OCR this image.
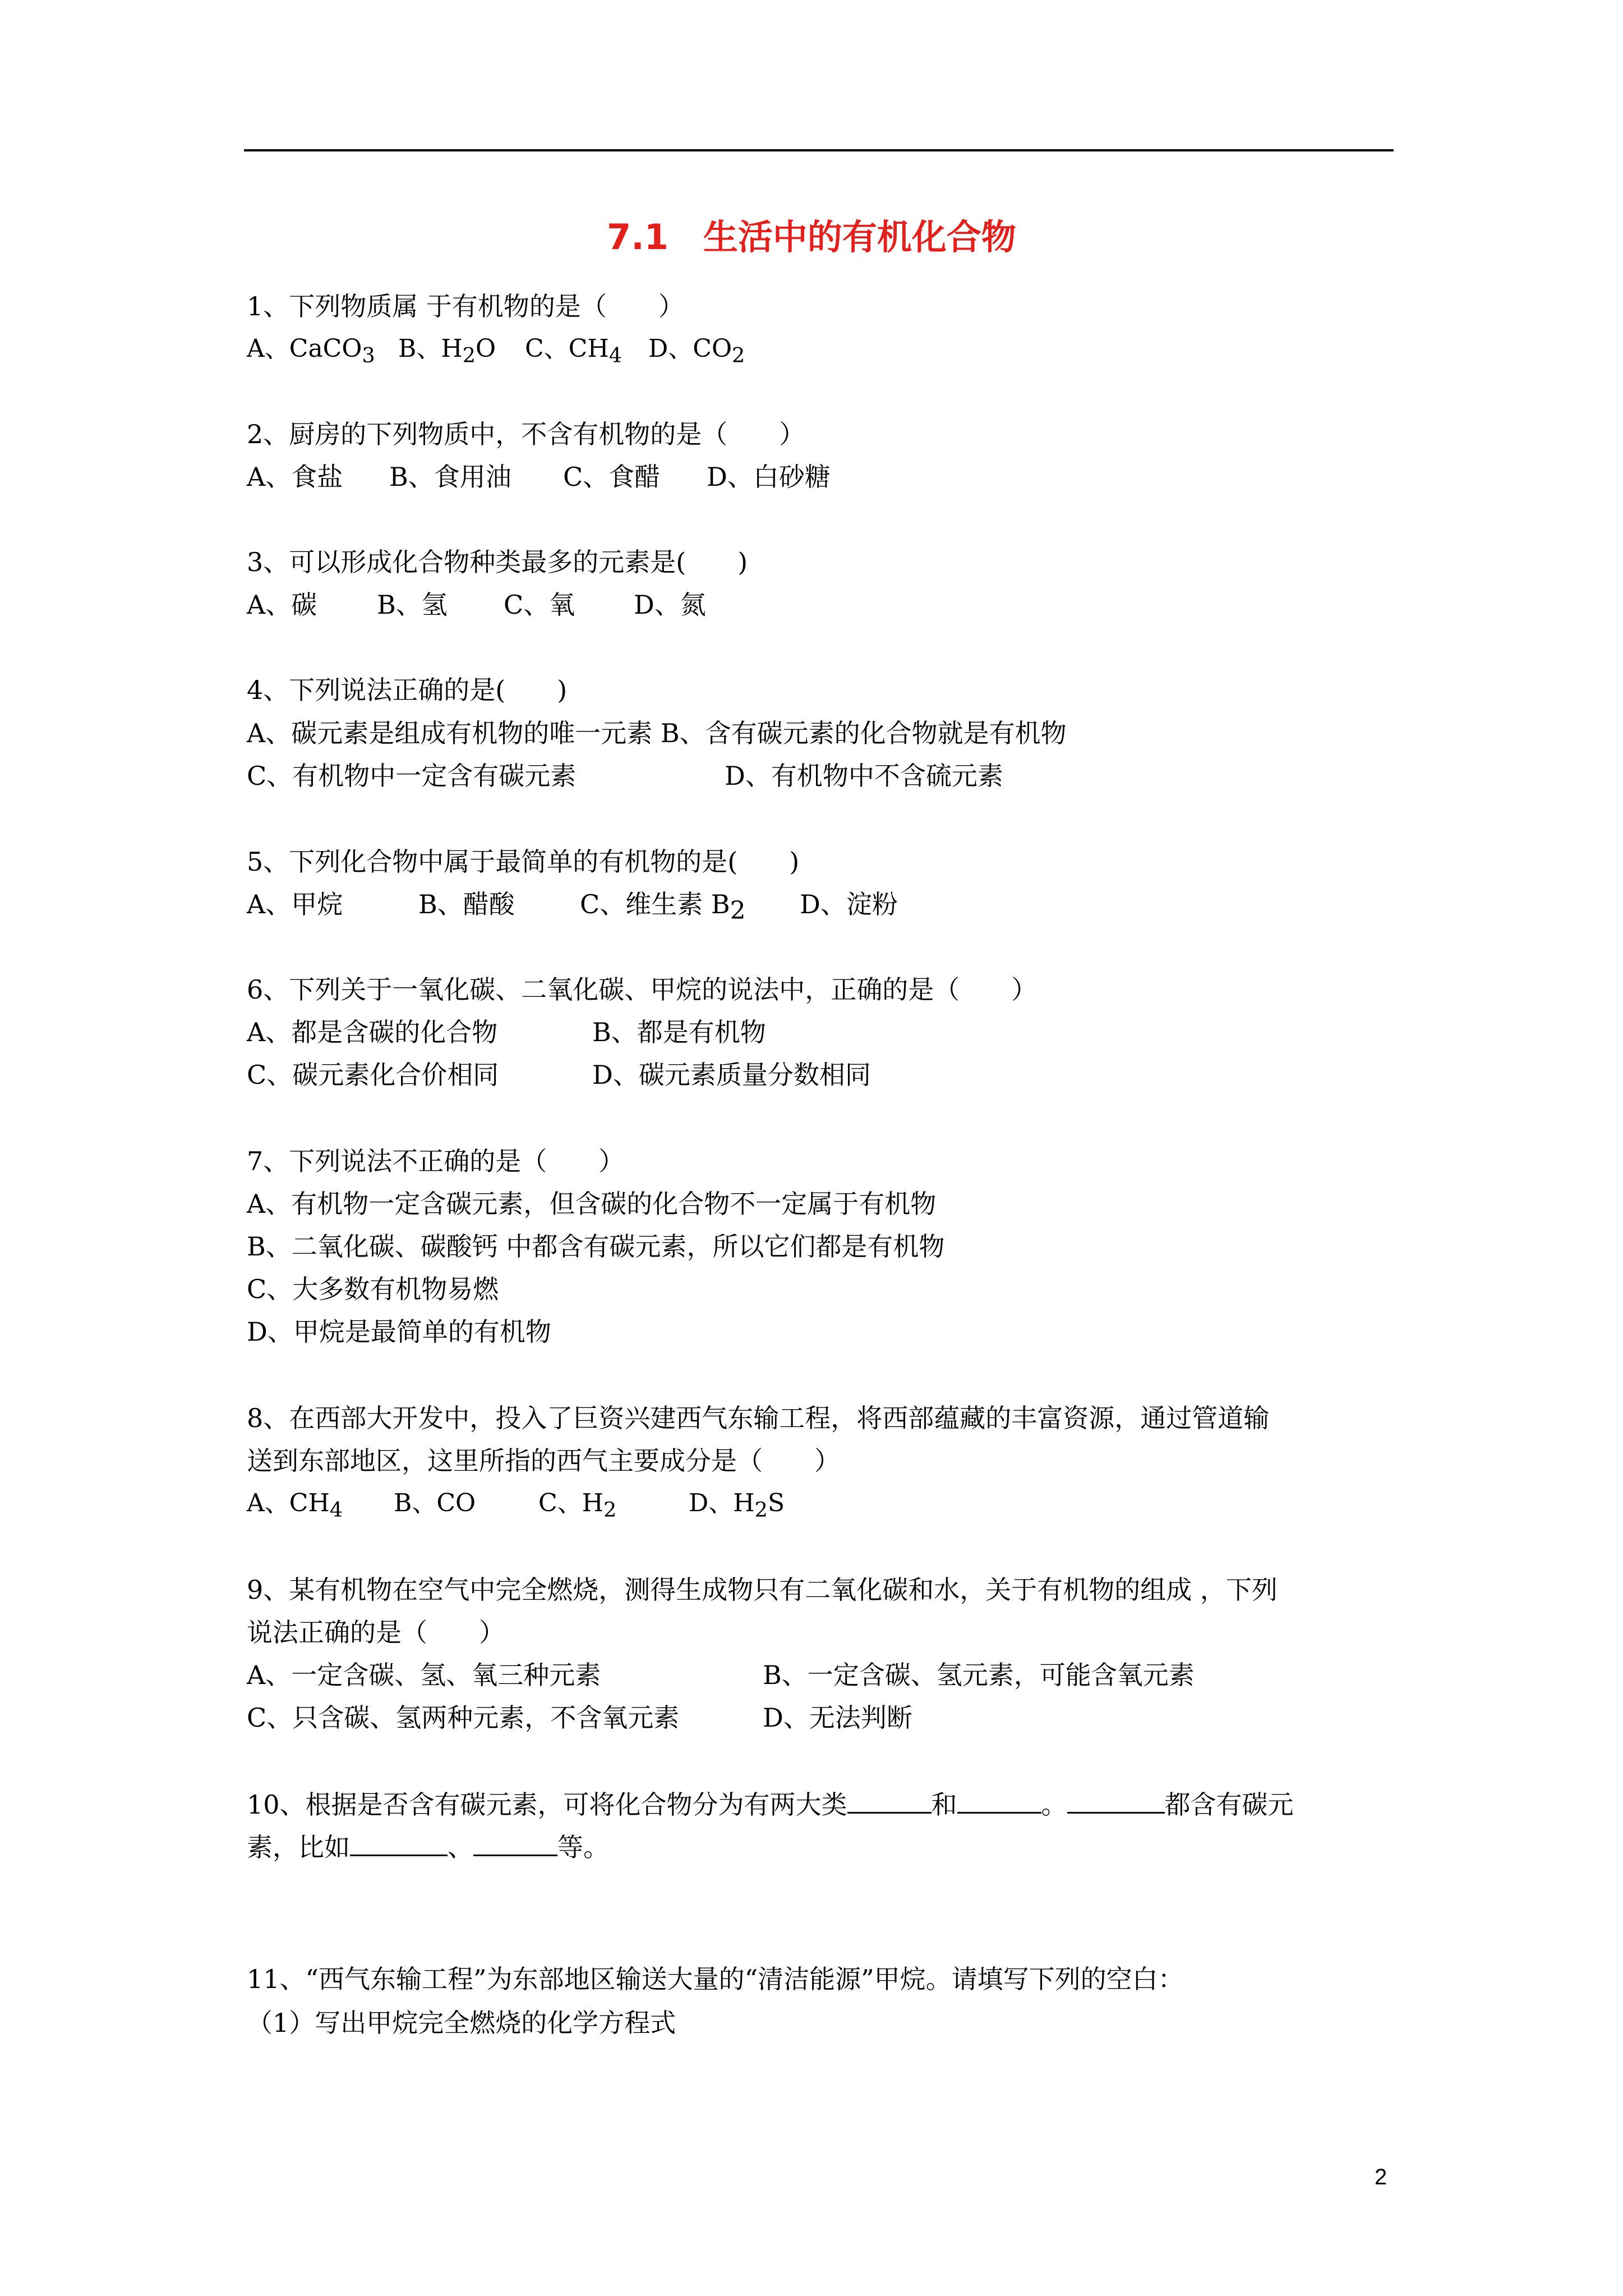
7.1　生活中的有机化合物
1、下列物质属 于有机物的是（　　）
A、CaCO$_3$ B、$H_2O$ C、$CH_4$ D、$CO_2$
2、厨房的下列物质中，不含有机物的是（　　）
A、食盐 B、食用油 C、食醋 D、白砂糖
3、可以形成化合物种类最多的元素是(　　)
A、碳 B、氢 C、氧 D、氮
4、下列说法正确的是(　　)
A、碳元素是组成有机物的唯一元素 B、含有碳元素的化合物就是有机物
C、有机物中一定含有碳元素	D、有机物中不含硫元素
5、下列化合物中属于最简单的有机物的是(　　)
A、甲烷	B、醋酸	C、维生素 $B_2$ D、淀粉
6、下列关于一氧化碳、二氧化碳、甲烷的说法中，正确的是（　　）
A、都是含碳的化合物	B、都是有机物
C、碳元素化合价相同	D、碳元素质量分数相同
7、下列说法不正确的是（　　）
A、有机物一定含碳元素，但含碳的化合物不一定属于有机物
B、二氧化碳、碳酸钙 中都含有碳元素，所以它们都是有机物
C、大多数有机物易燃
D、甲烷是最简单的有机物
8、在西部大开发中，投入了巨资兴建西气东输工程，将西部蕴藏的丰富资源，通过管道输
送到东部地区，这里所指的西气主要成分是（　　）
A、$CH_4$ B、CO	C、$H_2$	D、$H_2S$
9、某有机物在空气中完全燃烧，测得生成物只有二氧化碳和水，关于有机物的组成 ，下列
说法正确的是（　　）
A、一定含碳、氢、氧三种元素	B、一定含碳、氢元素，可能含氧元素
C、只含碳、氢两种元素，不含氧元素	D、无法判断
10、根据是否含有碳元素，可将化合物分为有两大类	和	。	都含有碳元
素，比如	、	等。
11、“西气东输工程”为东部地区输送大量的“清洁能源”甲烷。请填写下列的空白：
（1）写出甲烷完全燃烧的化学方程式
2
